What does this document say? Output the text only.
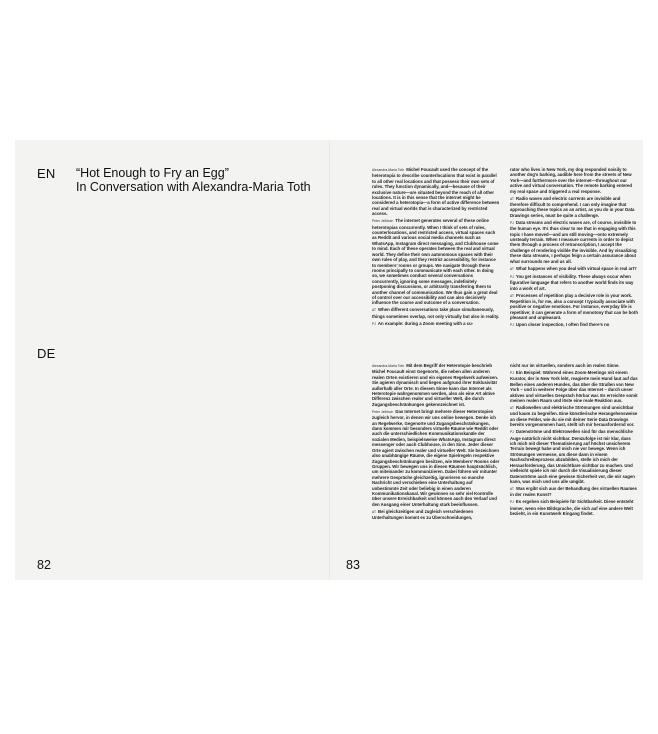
EN “Hot Enough to Fry an Egg”
In Conversation with Alexandra-Maria Toth
DE
82	83

Alexandra-Maria Toth Michel Foucault used the concept of the heterotopia to describe counterlocations that exist in parallel to all other real locations and that possess their own sets of rules. They function dynamically, and—because of their exclusive nature—are situated beyond the reach of all other locations. It is in this sense that the internet might be considered a heterotopia—a form of active difference between real and virtual worlds that is characterized by restricted access.

Peter Jellitsch The internet generates several of these online heterotopias concurrently. When I think of sets of rules, counterlocations, and restricted access, virtual spaces such as Reddit and various social media channels such as WhatsApp, Instagram direct messaging, and Clubhouse come to mind. Each of these operates between the real and virtual world. They define their own autonomous spaces with their own rules of play, and they restrict accessibility, for instance to members’ rooms or groups. We navigate through these rooms principally to communicate with each other. In doing so, we sometimes conduct several conversations concurrently, ignoring some messages, indefinitely postponing discussions, or arbitrarily transferring them to another channel of communication. We thus gain a great deal of control over our accessibility and can also decisively influence the course and outcome of a conversation.

AT When different conversations take place simultaneously, things sometimes overlap, not only virtually but also in reality.

PJ An example: during a Zoom meeting with a cu-

rator who lives in New York, my dog responded noisily to another dog’s barking, audible here from the streets of New York—and furthermore over the internet—throughout our active and virtual conversation. The remote barking entered my real space and triggered a real response.

AT Radio waves and electric currents are invisible and therefore difficult to comprehend. I can only imagine that approaching these topics as an artist, as you do in your Data Drawings series, must be quite a challenge.

PJ Data streams and electric waves are, of course, invisible to the human eye. It’s thus clear to me that in engaging with this topic I have moved—and am still moving—onto extremely unsteady terrain. When I measure currents in order to depict them through a process of retranscription, I accept the challenge of rendering visible the invisible. And by visualizing these data streams, I perhaps feign a certain assurance about what surrounds me and us all.

AT What happens when you deal with virtual space in real art?

PJ You get instances of visibility. These always occur when figurative language that refers to another world finds its way into a work of art.

AT Processes of repetition play a decisive role in your work. Repetition is, for me, also a concept I typically associate with positive or negative emotions. For instance, everyday life is repetitive; it can generate a form of monotony that can be both pleasant and unpleasant.

PJ Upon closer inspection, I often find there’s no

Alexandra-Maria Toth Mit dem Begriff der Heterotopie beschrieb Michel Foucault einst Gegenorte, die neben allen anderen realen Orten existieren und ein eigenes Regelwerk aufweisen. Sie agieren dynamisch und liegen aufgrund ihrer Exklusivität außerhalb aller Orte. In diesem Sinne kann das Internet als Heterotopie wahrgenommen werden, also als eine Art aktive Differenz zwischen realer und virtueller Welt, die durch Zugangsbeschränkungen gekennzeichnet ist.

Peter Jellitsch Das Internet bringt mehrere dieser Heterotopien zugleich hervor, in denen wir uns online bewegen. Denke ich an Regelwerke, Gegenorte und Zugangsbeschränkungen, dann kommen mir besonders virtuelle Räume wie Reddit oder auch die unterschiedlichen Kommunikationskanäle der sozialen Medien, beispielsweise WhatsApp, Instagram direct messenger oder auch Clubhouse, in den Sinn. Jeder dieser Orte agiert zwischen realer und virtueller Welt. Sie bezeichnen also unabhängige Räume, die eigene Spielregeln respektive Zugangsbeschränkungen besitzen, wie Members’ Rooms oder Gruppen. Wir bewegen uns in diesen Räumen hauptsächlich, um miteinander zu kommunizieren. Dabei führen wir mitunter mehrere Gespräche gleichzeitig, ignorieren so manche Nachricht und verschieben eine Unterhaltung auf unbestimmte Zeit oder beliebig in einen anderen Kommunikationskanal. Wir gewinnen so sehr viel Kontrolle über unsere Erreichbarkeit und können auch den Verlauf und den Ausgang einer Unterhaltung stark beeinflussen.

AT Bei gleichzeitigen und zugleich verschiedenen Unterhaltungen kommt es zu Überschneidungen,

nicht nur im virtuellen, sondern auch im realen Sinne.

PJ Ein Beispiel: Während eines Zoom-Meetings mit einem Kurator, der in New York lebt, reagierte mein Hund laut auf das Bellen eines anderen Hundes, das über die Straßen von New York – und in weiterer Folge über das Internet – durch unser aktives und virtuelles Gespräch hörbar war. Es erreichte somit meinen realen Raum und löste eine reale Reaktion aus.

AT Radiowellen und elektrische Strömungen sind unsichtbar und kaum zu begreifen. Eine künstlerische Herangehensweise an diese Felder, wie du sie mit deiner Serie Data Drawings bereits vorgenommen hast, stellt ich mir herausfordernd vor.

PJ Datenströme und Elektrowellen sind für das menschliche Auge natürlich nicht sichtbar. Demzufolge ist mir klar, dass ich mich mit dieser Thematisierung auf höchst unsicherem Terrain bewegt habe und mich nie vor bewege. Wenn ich Strömungen vermesse, um diese dann in einem Nachschreibeprozess abzubilden, stelle ich mich der Herausforderung, das Unsichtbare sichtbar zu machen. Und vielleicht spiele ich mir durch die Visualisierung dieser Datenströme auch eine gewisse Sicherheit vor, die mir sagen kann, was mich und uns alle umgibt.

AT Was ergibt sich aus der Behandlung des virtuellen Raumes in der realen Kunst?

PJ Es ergeben sich Beispiele für Sichtbarkeit. Diese entsteht immer, wenn eine Bildsprache, die sich auf eine andere Welt bezieht, in ein Kunstwerk Eingang findet.
